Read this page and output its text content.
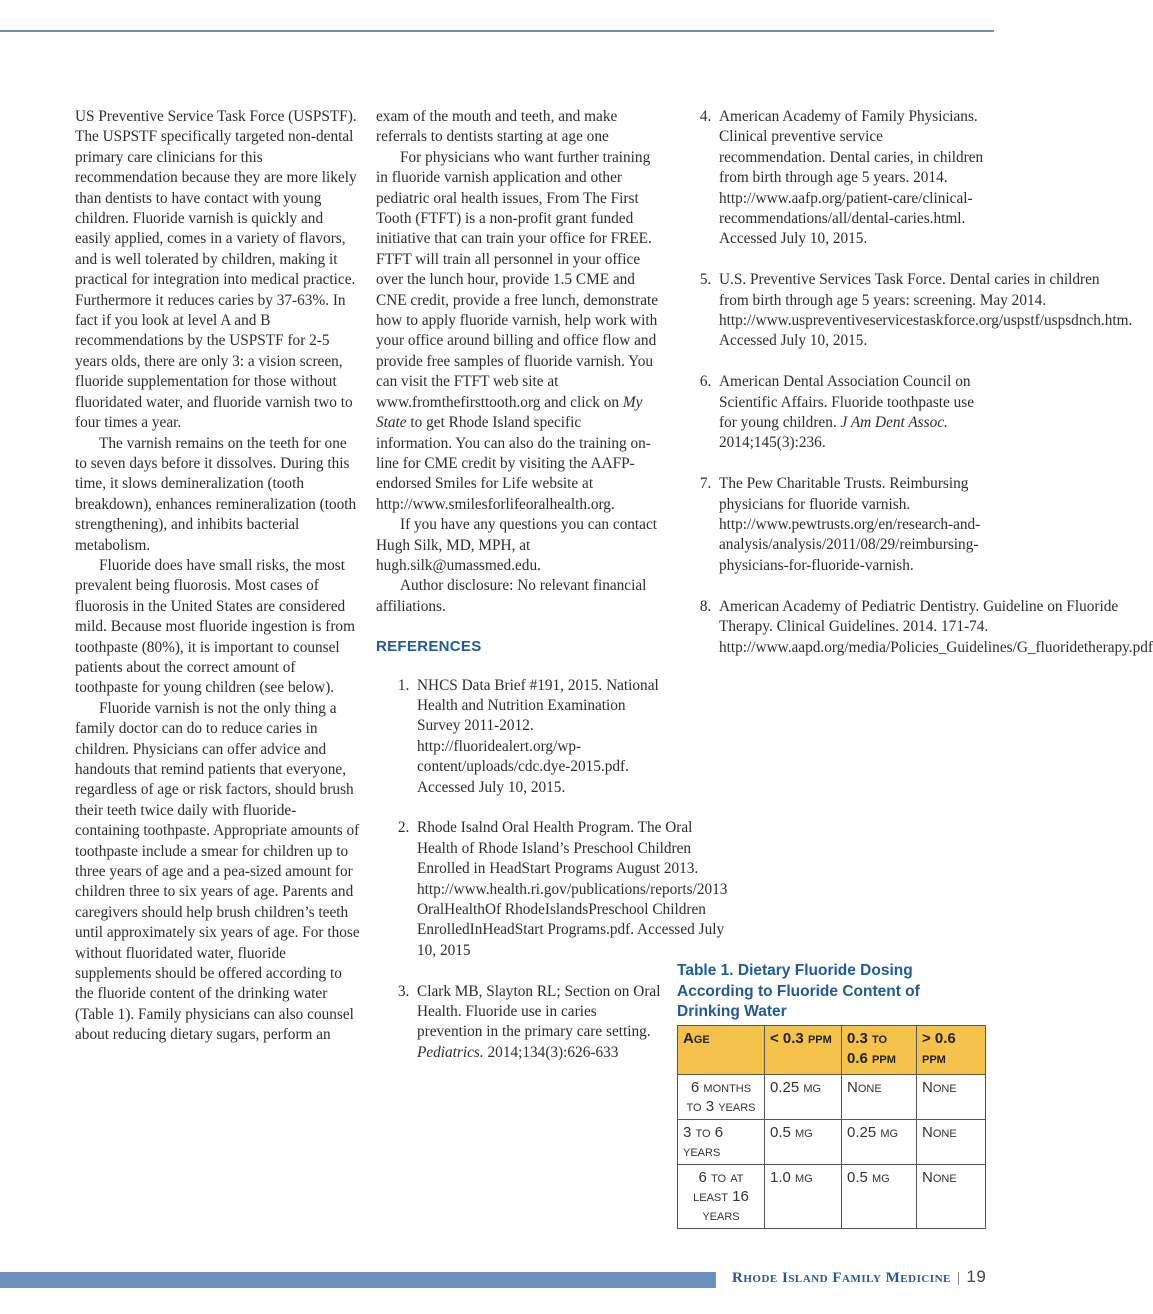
US Preventive Service Task Force (USPSTF). The USPSTF specifically targeted non-dental primary care clinicians for this recommendation because they are more likely than dentists to have contact with young children. Fluoride varnish is quickly and easily applied, comes in a variety of flavors, and is well tolerated by children, making it practical for integration into medical practice. Furthermore it reduces caries by 37-63%. In fact if you look at level A and B recommendations by the USPSTF for 2-5 years olds, there are only 3: a vision screen, fluoride supplementation for those without fluoridated water, and fluoride varnish two to four times a year.

The varnish remains on the teeth for one to seven days before it dissolves. During this time, it slows demineralization (tooth breakdown), enhances remineralization (tooth strengthening), and inhibits bacterial metabolism.

Fluoride does have small risks, the most prevalent being fluorosis. Most cases of fluorosis in the United States are considered mild. Because most fluoride ingestion is from toothpaste (80%), it is important to counsel patients about the correct amount of toothpaste for young children (see below).

Fluoride varnish is not the only thing a family doctor can do to reduce caries in children. Physicians can offer advice and handouts that remind patients that everyone, regardless of age or risk factors, should brush their teeth twice daily with fluoride-containing toothpaste. Appropriate amounts of toothpaste include a smear for children up to three years of age and a pea-sized amount for children three to six years of age. Parents and caregivers should help brush children’s teeth until approximately six years of age. For those without fluoridated water, fluoride supplements should be offered according to the fluoride content of the drinking water (Table 1). Family physicians can also counsel about reducing dietary sugars, perform an

exam of the mouth and teeth, and make referrals to dentists starting at age one

For physicians who want further training in fluoride varnish application and other pediatric oral health issues, From The First Tooth (FTFT) is a non-profit grant funded initiative that can train your office for FREE. FTFT will train all personnel in your office over the lunch hour, provide 1.5 CME and CNE credit, provide a free lunch, demonstrate how to apply fluoride varnish, help work with your office around billing and office flow and provide free samples of fluoride varnish. You can visit the FTFT web site at www.fromthefirsttooth.org and click on My State to get Rhode Island specific information. You can also do the training on-line for CME credit by visiting the AAFP-endorsed Smiles for Life website at http://www.smilesforlifeoralhealth.org.

If you have any questions you can contact Hugh Silk, MD, MPH, at hugh.silk@umassmed.edu.

Author disclosure: No relevant financial affiliations.

REFERENCES
1. NHCS Data Brief #191, 2015. National Health and Nutrition Examination Survey 2011-2012. http://fluoridealert.org/wp-content/uploads/cdc.dye-2015.pdf. Accessed July 10, 2015.
2. Rhode Isalnd Oral Health Program. The Oral Health of Rhode Island’s Preschool Children Enrolled in HeadStart Programs August 2013. http://www.health.ri.gov/publications/reports/2013 OralHealthOf RhodeIslandsPreschool Children EnrolledInHeadStart Programs.pdf. Accessed July 10, 2015
3. Clark MB, Slayton RL; Section on Oral Health. Fluoride use in caries prevention in the primary care setting. Pediatrics. 2014;134(3):626-633
4. American Academy of Family Physicians. Clinical preventive service recommendation. Dental caries, in children from birth through age 5 years. 2014. http://www.aafp.org/patient-care/clinical-recommendations/all/dental-caries.html. Accessed July 10, 2015.
5. U.S. Preventive Services Task Force. Dental caries in children from birth through age 5 years: screening. May 2014. http://www.uspreventiveservicestaskforce.org/uspstf/uspsdnch.htm. Accessed July 10, 2015.
6. American Dental Association Council on Scientific Affairs. Fluoride toothpaste use for young children. J Am Dent Assoc. 2014;145(3):236.
7. The Pew Charitable Trusts. Reimbursing physicians for fluoride varnish. http://www.pewtrusts.org/en/research-and-analysis/analysis/2011/08/29/reimbursing-physicians-for-fluoride-varnish.
8. American Academy of Pediatric Dentistry. Guideline on Fluoride Therapy. Clinical Guidelines. 2014. 171-74. http://www.aapd.org/media/Policies_Guidelines/G_fluoridetherapy.pdf
Table 1. Dietary Fluoride Dosing According to Fluoride Content of Drinking Water
Age	< 0.3 ppm	0.3 to 0.6 ppm	> 0.6 ppm
6 months to 3 years	0.25 mg	None	None
3 to 6 years	0.5 mg	0.25 mg	None
6 to at least 16 years	1.0 mg	0.5 mg	None
Rhode Island Family Medicine | 19
